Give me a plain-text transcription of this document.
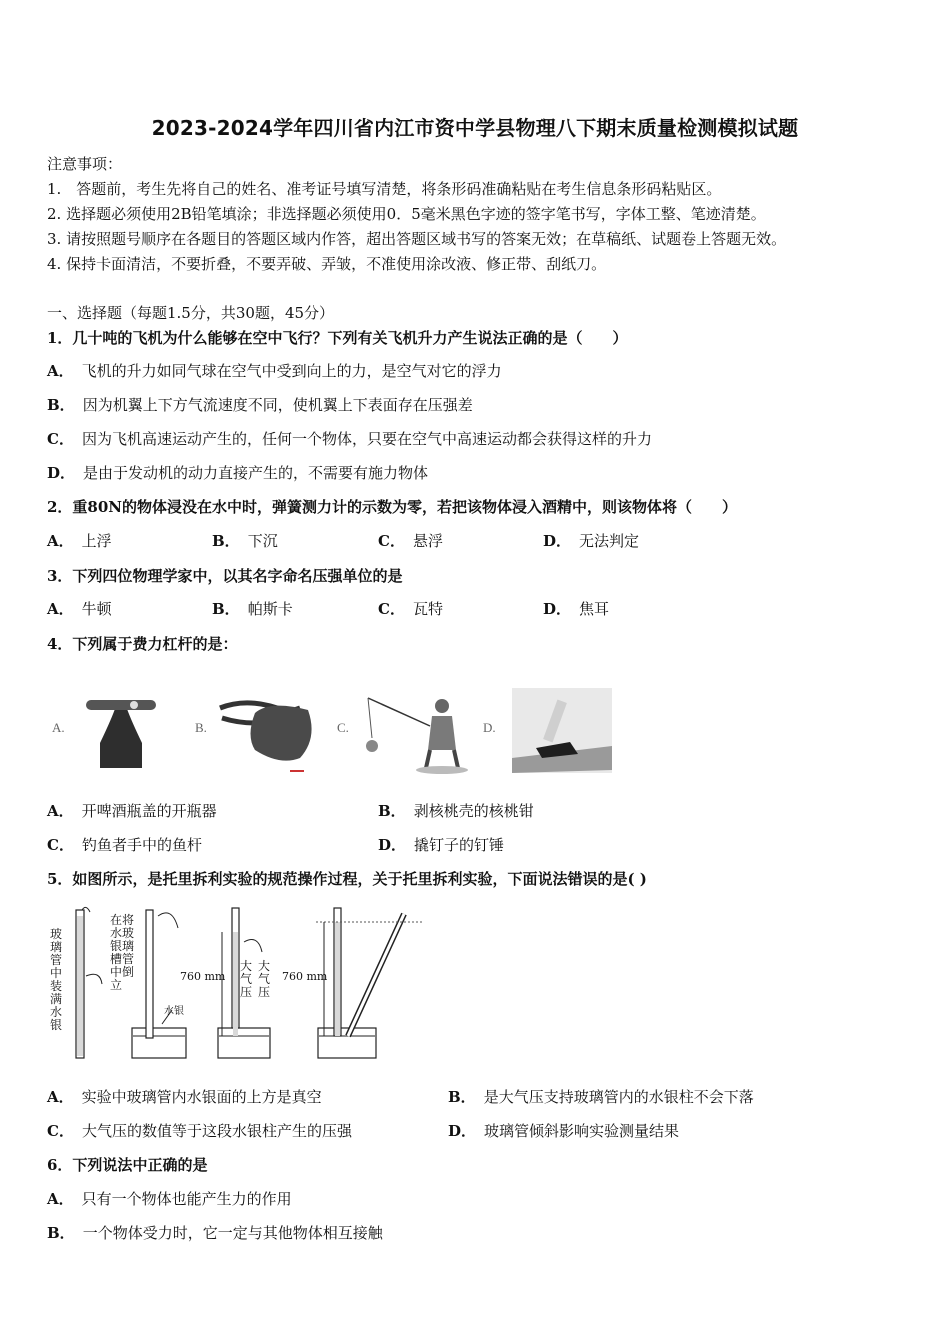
2023-2024学年四川省内江市资中学县物理八下期末质量检测模拟试题
注意事项：
1.　答题前，考生先将自己的姓名、准考证号填写清楚，将条形码准确粘贴在考生信息条形码粘贴区。
2. 选择题必须使用2B铅笔填涂；非选择题必须使用0．5毫米黑色字迹的签字笔书写，字体工整、笔迹清楚。
3. 请按照题号顺序在各题目的答题区域内作答，超出答题区域书写的答案无效；在草稿纸、试题卷上答题无效。
4. 保持卡面清洁，不要折叠，不要弄破、弄皱，不准使用涂改液、修正带、刮纸刀。
一、选择题（每题1.5分，共30题，45分）
1．几十吨的飞机为什么能够在空中飞行？下列有关飞机升力产生说法正确的是（　　）
A． 飞机的升力如同气球在空气中受到向上的力，是空气对它的浮力
B． 因为机翼上下方气流速度不同，使机翼上下表面存在压强差
C． 因为飞机高速运动产生的，任何一个物体，只要在空气中高速运动都会获得这样的升力
D． 是由于发动机的动力直接产生的，不需要有施力物体
2．重80N的物体浸没在水中时，弹簧测力计的示数为零，若把该物体浸入酒精中，则该物体将（　　）
A． 上浮	B． 下沉	C． 悬浮	D． 无法判定
3．下列四位物理学家中，以其名字命名压强单位的是
A． 牛顿	B． 帕斯卡	C． 瓦特	D． 焦耳
4．下列属于费力杠杆的是：
A.	B.	C.	D.
A． 开啤酒瓶盖的开瓶器	B． 剥核桃壳的核桃钳
C． 钓鱼者手中的鱼杆	D． 撬钉子的钉锤
5．如图所示，是托里拆利实验的规范操作过程，关于托里拆利实验，下面说法错误的是( )
玻璃管中装满水银
在将水玻银璃槽管中倒立
水银
760 mm
大气压
大气压
760 mm
A． 实验中玻璃管内水银面的上方是真空	B． 是大气压支持玻璃管内的水银柱不会下落
C． 大气压的数值等于这段水银柱产生的压强	D． 玻璃管倾斜影响实验测量结果
6．下列说法中正确的是
A． 只有一个物体也能产生力的作用
B． 一个物体受力时，它一定与其他物体相互接触
